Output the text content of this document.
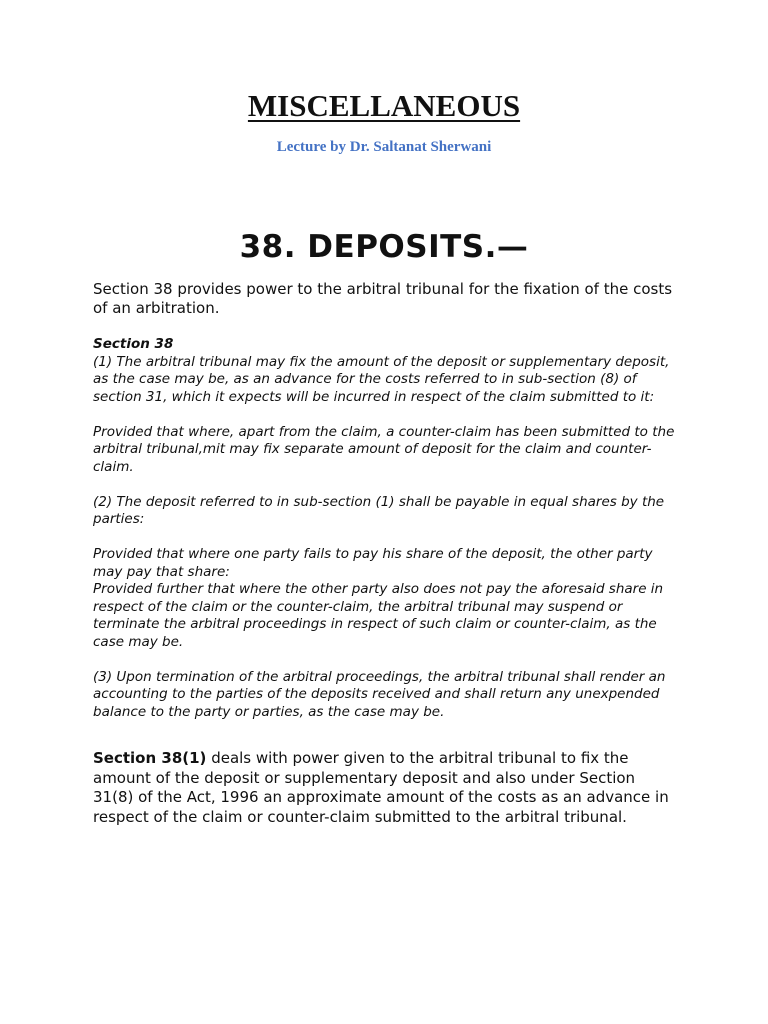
MISCELLANEOUS
Lecture by Dr. Saltanat Sherwani
38. DEPOSITS.—

Section 38 provides power to the arbitral tribunal for the fixation of the costs of an arbitration.

Section 38

(1) The arbitral tribunal may fix the amount of the deposit or supplementary deposit, as the case may be, as an advance for the costs referred to in sub-section (8) of section 31, which it expects will be incurred in respect of the claim submitted to it:

Provided that where, apart from the claim, a counter-claim has been submitted to the arbitral tribunal,mit may fix separate amount of deposit for the claim and counter-claim.

(2) The deposit referred to in sub-section (1) shall be payable in equal shares by the parties:

Provided that where one party fails to pay his share of the deposit, the other party may pay that share:

Provided further that where the other party also does not pay the aforesaid share in respect of the claim or the counter-claim, the arbitral tribunal may suspend or terminate the arbitral proceedings in respect of such claim or counter-claim, as the case may be.

(3) Upon termination of the arbitral proceedings, the arbitral tribunal shall render an accounting to the parties of the deposits received and shall return any unexpended balance to the party or parties, as the case may be.

Section 38(1) deals with power given to the arbitral tribunal to fix the amount of the deposit or supplementary deposit and also under Section 31(8) of the Act, 1996 an approximate amount of the costs as an advance in respect of the claim or counter-claim submitted to the arbitral tribunal.
